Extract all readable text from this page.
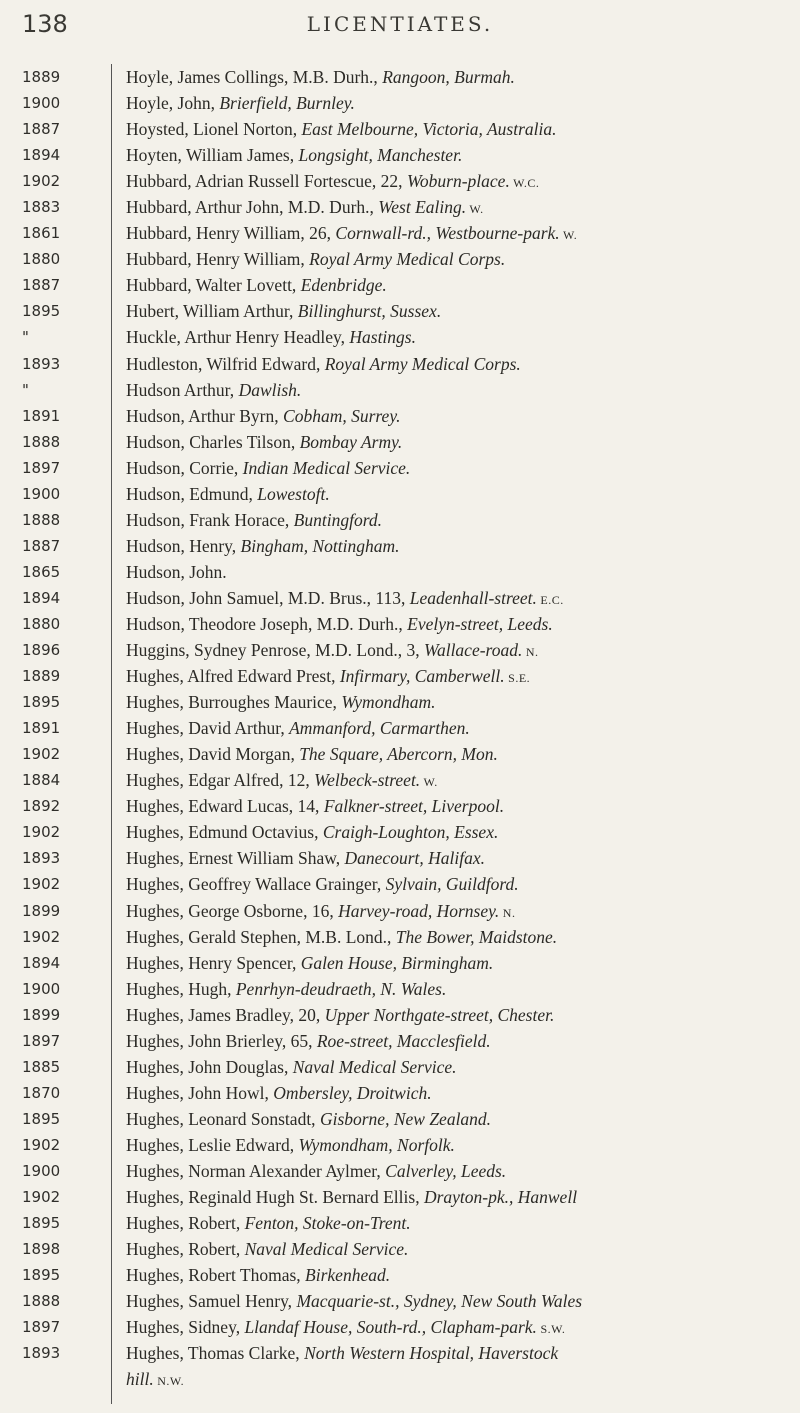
138	LICENTIATES.
1889	Hoyle, James Collings, M.B. Durh., Rangoon, Burmah.
1900	Hoyle, John, Brierfield, Burnley.
1887	Hoysted, Lionel Norton, East Melbourne, Victoria, Australia.
1894	Hoyten, William James, Longsight, Manchester.
1902	Hubbard, Adrian Russell Fortescue, 22, Woburn-place. W.C.
1883	Hubbard, Arthur John, M.D. Durh., West Ealing. W.
1861	Hubbard, Henry William, 26, Cornwall-rd., Westbourne-park. W.
1880	Hubbard, Henry William, Royal Army Medical Corps.
1887	Hubbard, Walter Lovett, Edenbridge.
1895	Hubert, William Arthur, Billinghurst, Sussex.
"	Huckle, Arthur Henry Headley, Hastings.
1893	Hudleston, Wilfrid Edward, Royal Army Medical Corps.
"	Hudson Arthur, Dawlish.
1891	Hudson, Arthur Byrn, Cobham, Surrey.
1888	Hudson, Charles Tilson, Bombay Army.
1897	Hudson, Corrie, Indian Medical Service.
1900	Hudson, Edmund, Lowestoft.
1888	Hudson, Frank Horace, Buntingford.
1887	Hudson, Henry, Bingham, Nottingham.
1865	Hudson, John.
1894	Hudson, John Samuel, M.D. Brus., 113, Leadenhall-street. E.C.
1880	Hudson, Theodore Joseph, M.D. Durh., Evelyn-street, Leeds.
1896	Huggins, Sydney Penrose, M.D. Lond., 3, Wallace-road. N.
1889	Hughes, Alfred Edward Prest, Infirmary, Camberwell. S.E.
1895	Hughes, Burroughes Maurice, Wymondham.
1891	Hughes, David Arthur, Ammanford, Carmarthen.
1902	Hughes, David Morgan, The Square, Abercorn, Mon.
1884	Hughes, Edgar Alfred, 12, Welbeck-street. W.
1892	Hughes, Edward Lucas, 14, Falkner-street, Liverpool.
1902	Hughes, Edmund Octavius, Craigh-Loughton, Essex.
1893	Hughes, Ernest William Shaw, Danecourt, Halifax.
1902	Hughes, Geoffrey Wallace Grainger, Sylvain, Guildford.
1899	Hughes, George Osborne, 16, Harvey-road, Hornsey. N.
1902	Hughes, Gerald Stephen, M.B. Lond., The Bower, Maidstone.
1894	Hughes, Henry Spencer, Galen House, Birmingham.
1900	Hughes, Hugh, Penrhyn-deudraeth, N. Wales.
1899	Hughes, James Bradley, 20, Upper Northgate-street, Chester.
1897	Hughes, John Brierley, 65, Roe-street, Macclesfield.
1885	Hughes, John Douglas, Naval Medical Service.
1870	Hughes, John Howl, Ombersley, Droitwich.
1895	Hughes, Leonard Sonstadt, Gisborne, New Zealand.
1902	Hughes, Leslie Edward, Wymondham, Norfolk.
1900	Hughes, Norman Alexander Aylmer, Calverley, Leeds.
1902	Hughes, Reginald Hugh St. Bernard Ellis, Drayton-pk., Hanwell
1895	Hughes, Robert, Fenton, Stoke-on-Trent.
1898	Hughes, Robert, Naval Medical Service.
1895	Hughes, Robert Thomas, Birkenhead.
1888	Hughes, Samuel Henry, Macquarie-st., Sydney, New South Wales
1897	Hughes, Sidney, Llandaf House, South-rd., Clapham-park. S.W.
1893	Hughes, Thomas Clarke, North Western Hospital, Haverstock
hill. N.W.
